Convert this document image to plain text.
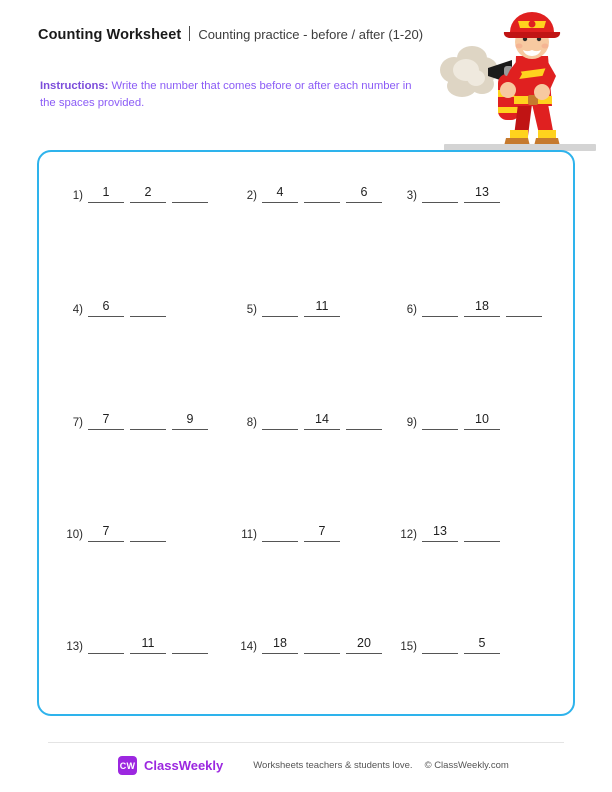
Counting Worksheet Counting practice - before / after (1-20)
Instructions: Write the number that comes before or after each number in the spaces provided.
1)	1	2	2)	4	6	3)	13
4)	6	5)	11	6)	18
7)	7	9	8)	14	9)	10
10)	7	11)	7	12)	13
13)	11	14)	18	20	15)	5
CW ClassWeekly	Worksheets teachers & students love. © ClassWeekly.com
